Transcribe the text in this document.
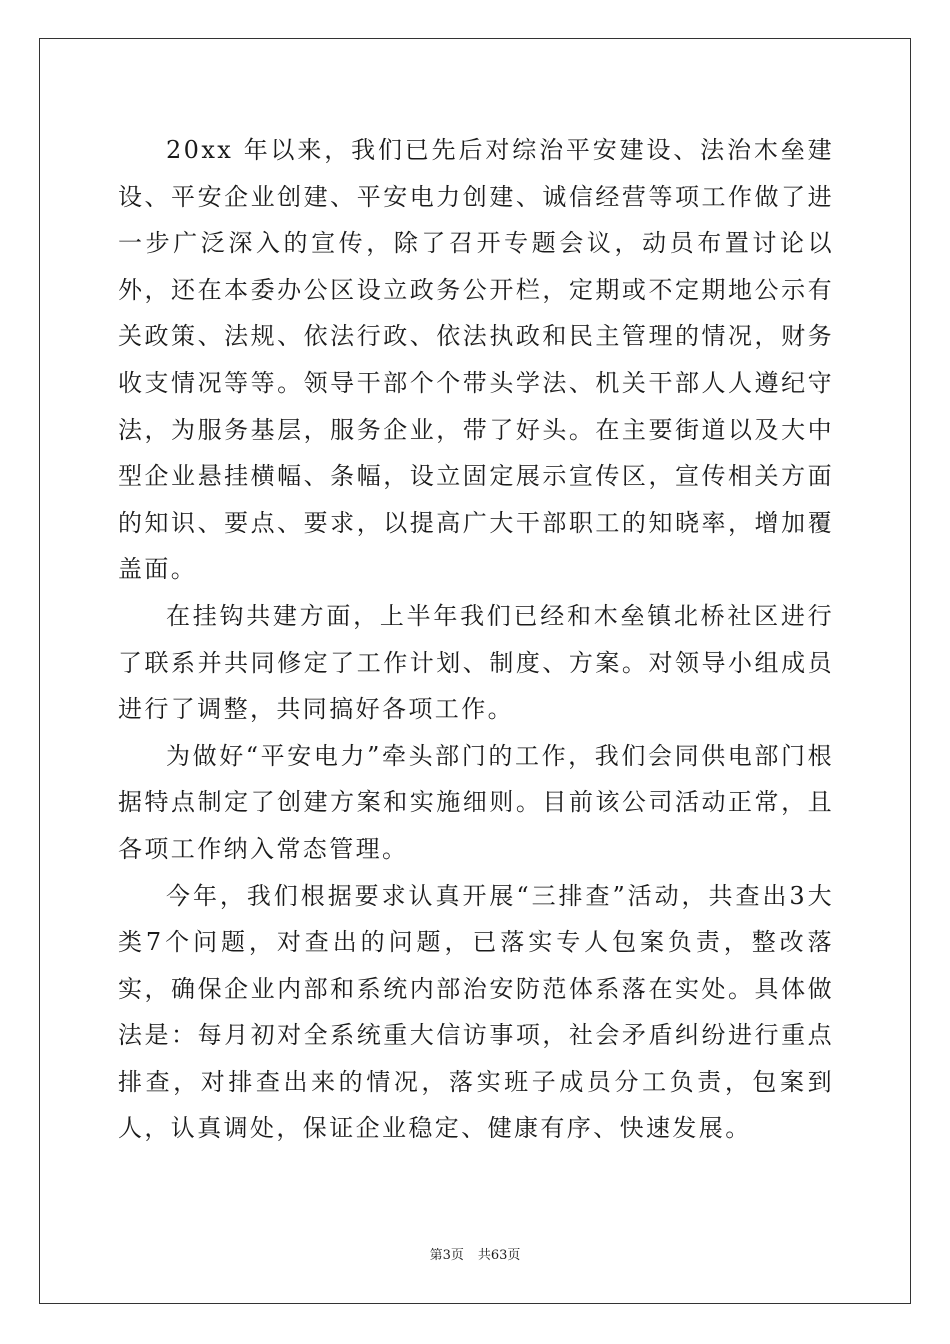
20xx 年以来，我们已先后对综治平安建设、法治木垒建设、平安企业创建、平安电力创建、诚信经营等项工作做了进一步广泛深入的宣传，除了召开专题会议，动员布置讨论以外，还在本委办公区设立政务公开栏，定期或不定期地公示有关政策、法规、依法行政、依法执政和民主管理的情况，财务收支情况等等。领导干部个个带头学法、机关干部人人遵纪守法，为服务基层，服务企业，带了好头。在主要街道以及大中型企业悬挂横幅、条幅，设立固定展示宣传区，宣传相关方面的知识、要点、要求，以提高广大干部职工的知晓率，增加覆盖面。

在挂钩共建方面，上半年我们已经和木垒镇北桥社区进行了联系并共同修定了工作计划、制度、方案。对领导小组成员进行了调整，共同搞好各项工作。

为做好“平安电力”牵头部门的工作，我们会同供电部门根据特点制定了创建方案和实施细则。目前该公司活动正常，且各项工作纳入常态管理。

今年，我们根据要求认真开展“三排查”活动，共查出3大类7个问题，对查出的问题，已落实专人包案负责，整改落实，确保企业内部和系统内部治安防范体系落在实处。具体做法是：每月初对全系统重大信访事项，社会矛盾纠纷进行重点排查，对排查出来的情况，落实班子成员分工负责，包案到人，认真调处，保证企业稳定、健康有序、快速发展。

第3页 共63页
